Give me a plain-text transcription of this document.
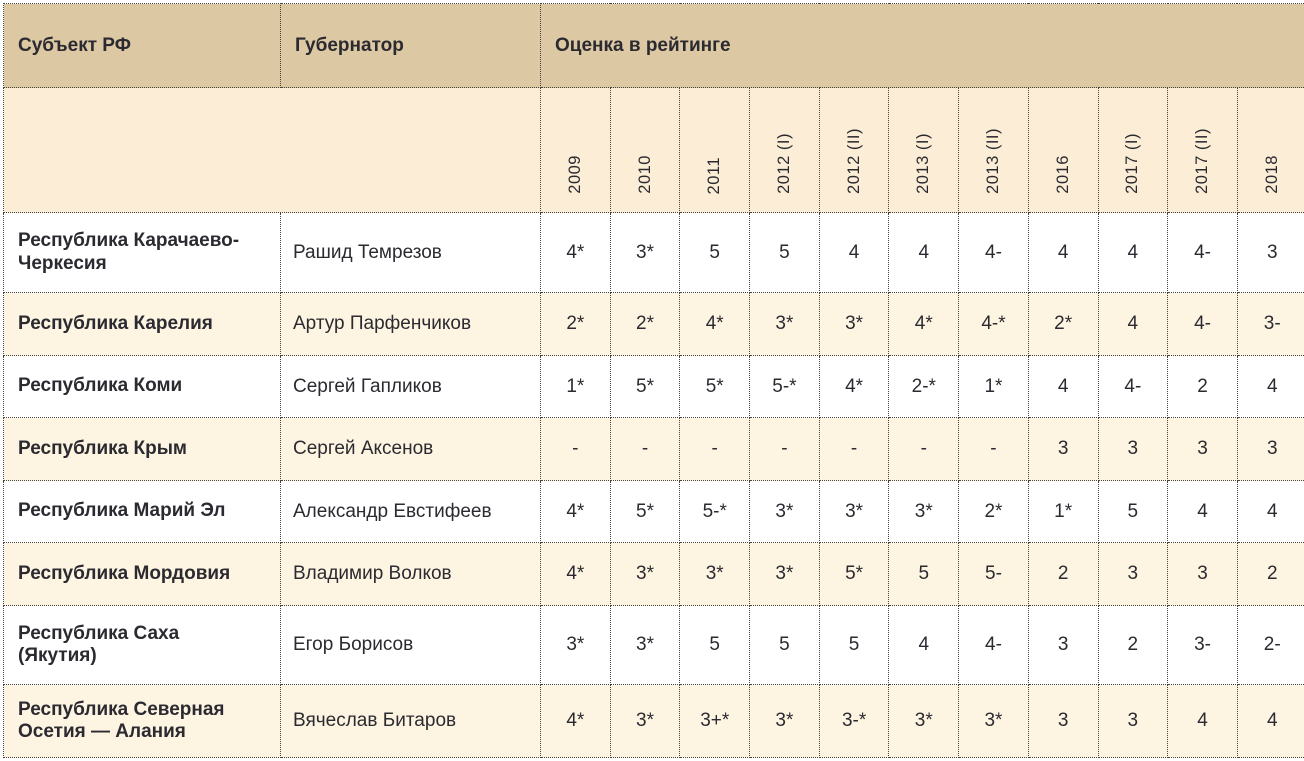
Субъект РФ	Губернатор	Оценка в рейтинге										
		2009	2010	2011	2012 (I)	2012 (II)	2013 (I)	2013 (II)	2016	2017 (I)	2017 (II)	2018

Республика Карачаево-Черкесия	Рашид Темрезов	4*	3*	5	5	4	4	4-	4	4	4-	3

Республика Карелия	Артур Парфенчиков	2*	2*	4*	3*	3*	4*	4-*	2*	4	4-	3-

Республика Коми	Сергей Гапликов	1*	5*	5*	5-*	4*	2-*	1*	4	4-	2	4

Республика Крым	Сергей Аксенов	-	-	-	-	-	-	-	3	3	3	3

Республика Марий Эл	Александр Евстифеев	4*	5*	5-*	3*	3*	3*	2*	1*	5	4	4

Республика Мордовия	Владимир Волков	4*	3*	3*	3*	5*	5	5-	2	3	3	2

Республика Саха (Якутия)	Егор Борисов	3*	3*	5	5	5	4	4-	3	2	3-	2-

Республика Северная Осетия — Алания	Вячеслав Битаров	4*	3*	3+*	3*	3-*	3*	3*	3	3	4	4
